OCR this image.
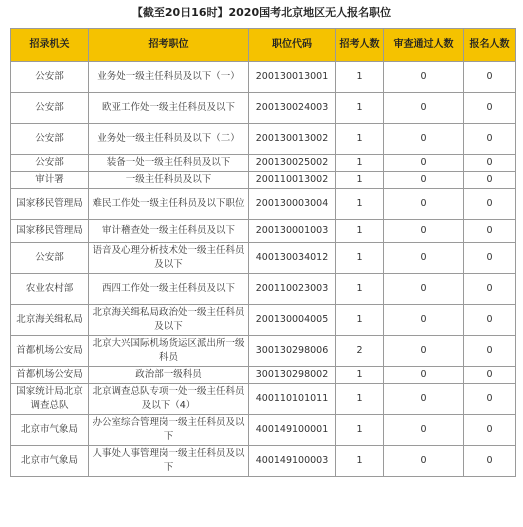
【截至20日16时】2020国考北京地区无人报名职位
招录机关	招考职位	职位代码	招考人数	审查通过人数	报名人数
公安部	业务处一级主任科员及以下（一）	200130013001	1	0	0
公安部	欧亚工作处一级主任科员及以下	200130024003	1	0	0
公安部	业务处一级主任科员及以下（二）	200130013002	1	0	0
公安部	装备一处一级主任科员及以下	200130025002	1	0	0
审计署	一级主任科员及以下	200110013002	1	0	0
国家移民管理局	难民工作处一级主任科员及以下职位	200130003004	1	0	0
国家移民管理局	审计稽查处一级主任科员及以下	200130001003	1	0	0
公安部	语音及心理分析技术处一级主任科员及以下	400130034012	1	0	0
农业农村部	西四工作处一级主任科员及以下	200110023003	1	0	0
北京海关缉私局	北京海关缉私局政治处一级主任科员及以下	200130004005	1	0	0
首都机场公安局	北京大兴国际机场货运区派出所一级科员	300130298006	2	0	0
首都机场公安局	政治部一级科员	300130298002	1	0	0
国家统计局北京调查总队	北京调查总队专项一处一级主任科员及以下（4）	400110101011	1	0	0
北京市气象局	办公室综合管理岗一级主任科员及以下	400149100001	1	0	0
北京市气象局	人事处人事管理岗一级主任科员及以下	400149100003	1	0	0
